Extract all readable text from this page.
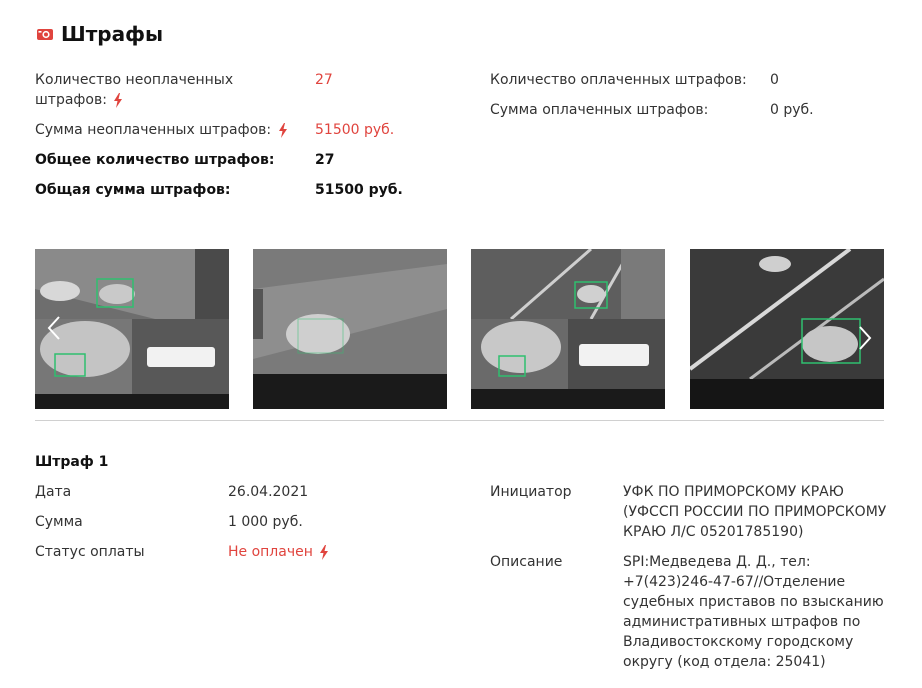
Штрафы
Количество неоплаченных штрафов:
27
Сумма неоплаченных штрафов:	51500 руб.
Общее количество штрафов:	27
Общая сумма штрафов:	51500 руб.
Количество оплаченных штрафов: 0
Сумма оплаченных штрафов:	0 руб.
Штраф 1
Дата	26.04.2021
Сумма	1 000 руб.
Статус оплаты	Не оплачен
Инициатор	УФК ПО ПРИМОРСКОМУ КРАЮ (УФССП РОССИИ ПО ПРИМОРСКОМУ КРАЮ Л/С 05201785190)
Описание	SPI:Медведева Д. Д., тел: +7(423)246-47-67//Отделение судебных приставов по взысканию административных штрафов по Владивостокскому городскому округу (код отдела: 25041)
